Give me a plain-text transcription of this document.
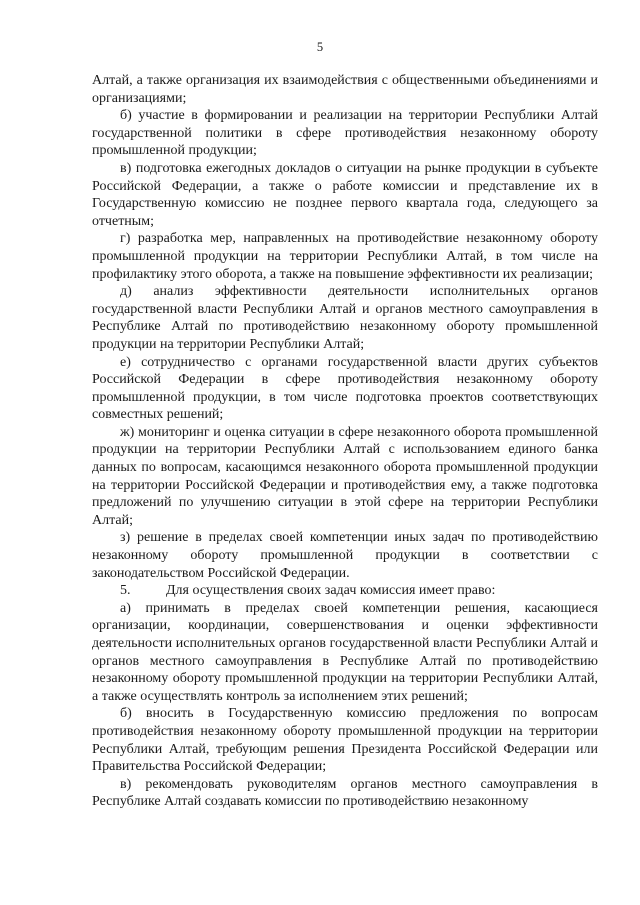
5

Алтай, а также организация их взаимодействия с общественными объединениями и организациями;

б) участие в формировании и реализации на территории Республики Алтай государственной политики в сфере противодействия незаконному обороту промышленной продукции;

в) подготовка ежегодных докладов о ситуации на рынке продукции в субъекте Российской Федерации, а также о работе комиссии и представление их в Государственную комиссию не позднее первого квартала года, следующего за отчетным;

г) разработка мер, направленных на противодействие незаконному обороту промышленной продукции на территории Республики Алтай, в том числе на профилактику этого оборота, а также на повышение эффективности их реализации;

д) анализ эффективности деятельности исполнительных органов государственной власти Республики Алтай и органов местного самоуправления в Республике Алтай по противодействию незаконному обороту промышленной продукции на территории Республики Алтай;

е) сотрудничество с органами государственной власти других субъектов Российской Федерации в сфере противодействия незаконному обороту промышленной продукции, в том числе подготовка проектов соответствующих совместных решений;

ж) мониторинг и оценка ситуации в сфере незаконного оборота промышленной продукции на территории Республики Алтай с использованием единого банка данных по вопросам, касающимся незаконного оборота промышленной продукции на территории Российской Федерации и противодействия ему, а также подготовка предложений по улучшению ситуации в этой сфере на территории Республики Алтай;

з) решение в пределах своей компетенции иных задач по противодействию незаконному обороту промышленной продукции в соответствии с законодательством Российской Федерации.

5.	Для осуществления своих задач комиссия имеет право:

а) принимать в пределах своей компетенции решения, касающиеся организации, координации, совершенствования и оценки эффективности деятельности исполнительных органов государственной власти Республики Алтай и органов местного самоуправления в Республике Алтай по противодействию незаконному обороту промышленной продукции на территории Республики Алтай, а также осуществлять контроль за исполнением этих решений;

б) вносить в Государственную комиссию предложения по вопросам противодействия незаконному обороту промышленной продукции на территории Республики Алтай, требующим решения Президента Российской Федерации или Правительства Российской Федерации;

в) рекомендовать руководителям органов местного самоуправления в Республике Алтай создавать комиссии по противодействию незаконному
